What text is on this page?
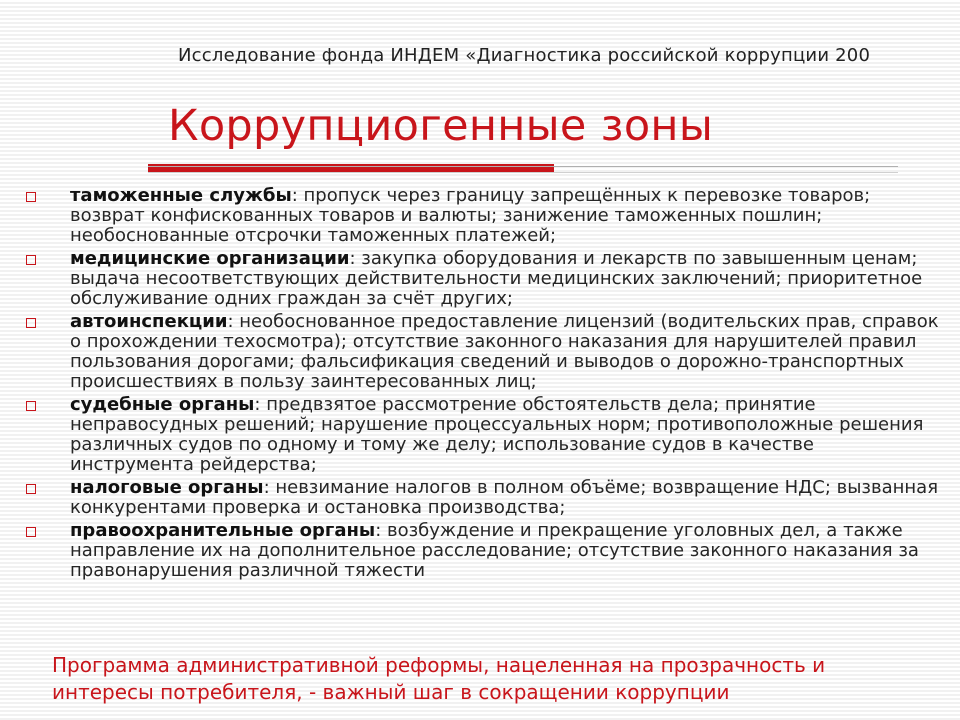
Исследование фонда ИНДЕМ «Диагностика российской коррупции 200
Коррупциогенные зоны
таможенные службы: пропуск через границу запрещённых к перевозке товаров; возврат конфискованных товаров и валюты; занижение таможенных пошлин; необоснованные отсрочки таможенных платежей;
медицинские организации: закупка оборудования и лекарств по завышенным ценам; выдача несоответствующих действительности медицинских заключений; приоритетное обслуживание одних граждан за счёт других;
автоинспекции: необоснованное предоставление лицензий (водительских прав, справок о прохождении техосмотра); отсутствие законного наказания для нарушителей правил пользования дорогами; фальсификация сведений и выводов о дорожно-транспортных происшествиях в пользу заинтересованных лиц;
судебные органы: предвзятое рассмотрение обстоятельств дела; принятие неправосудных решений; нарушение процессуальных норм; противоположные решения различных судов по одному и тому же делу; использование судов в качестве инструмента рейдерства;
налоговые органы: невзимание налогов в полном объёме; возвращение НДС; вызванная конкурентами проверка и остановка производства;
правоохранительные органы: возбуждение и прекращение уголовных дел, а также направление их на дополнительное расследование; отсутствие законного наказания за правонарушения различной тяжести
Программа административной реформы, нацеленная на прозрачность и интересы потребителя, - важный шаг в сокращении коррупции
